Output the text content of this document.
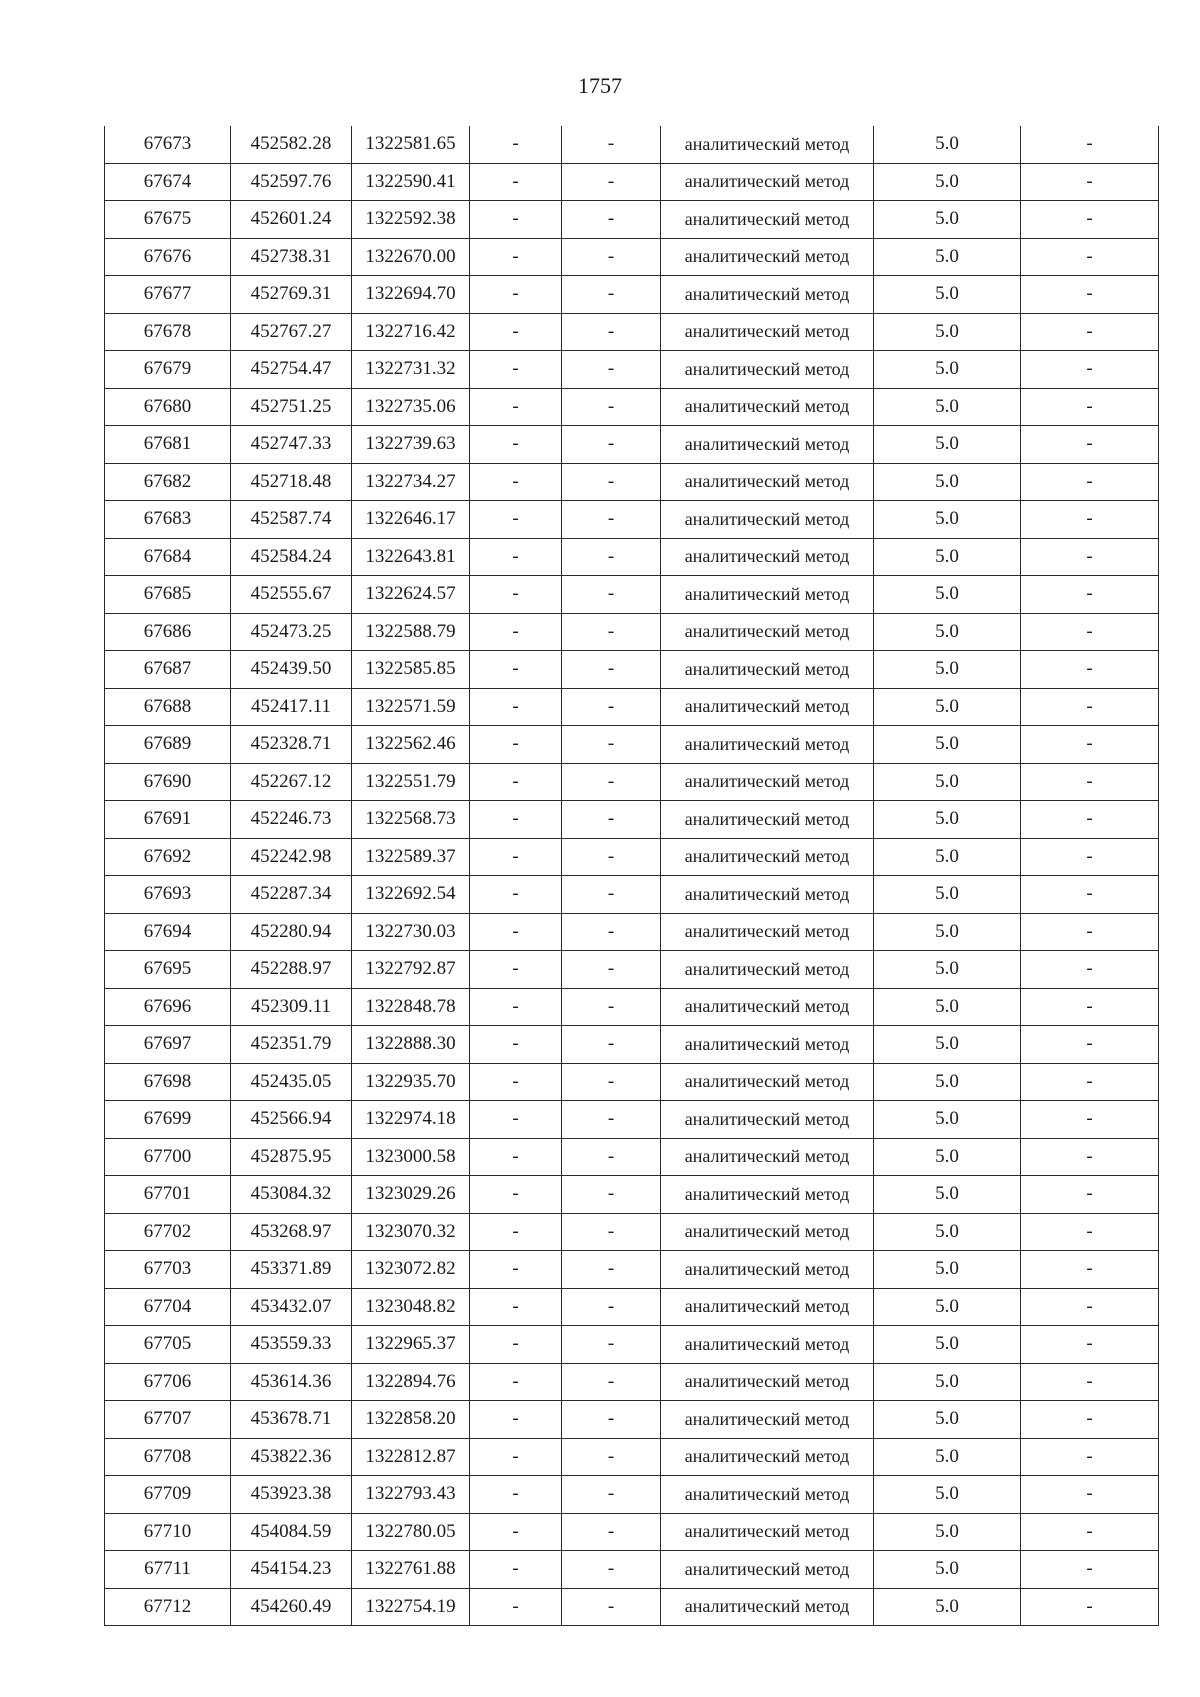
1757
67673	452582.28	1322581.65	-	-	аналитический метод	5.0	-
67674	452597.76	1322590.41	-	-	аналитический метод	5.0	-
67675	452601.24	1322592.38	-	-	аналитический метод	5.0	-
67676	452738.31	1322670.00	-	-	аналитический метод	5.0	-
67677	452769.31	1322694.70	-	-	аналитический метод	5.0	-
67678	452767.27	1322716.42	-	-	аналитический метод	5.0	-
67679	452754.47	1322731.32	-	-	аналитический метод	5.0	-
67680	452751.25	1322735.06	-	-	аналитический метод	5.0	-
67681	452747.33	1322739.63	-	-	аналитический метод	5.0	-
67682	452718.48	1322734.27	-	-	аналитический метод	5.0	-
67683	452587.74	1322646.17	-	-	аналитический метод	5.0	-
67684	452584.24	1322643.81	-	-	аналитический метод	5.0	-
67685	452555.67	1322624.57	-	-	аналитический метод	5.0	-
67686	452473.25	1322588.79	-	-	аналитический метод	5.0	-
67687	452439.50	1322585.85	-	-	аналитический метод	5.0	-
67688	452417.11	1322571.59	-	-	аналитический метод	5.0	-
67689	452328.71	1322562.46	-	-	аналитический метод	5.0	-
67690	452267.12	1322551.79	-	-	аналитический метод	5.0	-
67691	452246.73	1322568.73	-	-	аналитический метод	5.0	-
67692	452242.98	1322589.37	-	-	аналитический метод	5.0	-
67693	452287.34	1322692.54	-	-	аналитический метод	5.0	-
67694	452280.94	1322730.03	-	-	аналитический метод	5.0	-
67695	452288.97	1322792.87	-	-	аналитический метод	5.0	-
67696	452309.11	1322848.78	-	-	аналитический метод	5.0	-
67697	452351.79	1322888.30	-	-	аналитический метод	5.0	-
67698	452435.05	1322935.70	-	-	аналитический метод	5.0	-
67699	452566.94	1322974.18	-	-	аналитический метод	5.0	-
67700	452875.95	1323000.58	-	-	аналитический метод	5.0	-
67701	453084.32	1323029.26	-	-	аналитический метод	5.0	-
67702	453268.97	1323070.32	-	-	аналитический метод	5.0	-
67703	453371.89	1323072.82	-	-	аналитический метод	5.0	-
67704	453432.07	1323048.82	-	-	аналитический метод	5.0	-
67705	453559.33	1322965.37	-	-	аналитический метод	5.0	-
67706	453614.36	1322894.76	-	-	аналитический метод	5.0	-
67707	453678.71	1322858.20	-	-	аналитический метод	5.0	-
67708	453822.36	1322812.87	-	-	аналитический метод	5.0	-
67709	453923.38	1322793.43	-	-	аналитический метод	5.0	-
67710	454084.59	1322780.05	-	-	аналитический метод	5.0	-
67711	454154.23	1322761.88	-	-	аналитический метод	5.0	-
67712	454260.49	1322754.19	-	-	аналитический метод	5.0	-
